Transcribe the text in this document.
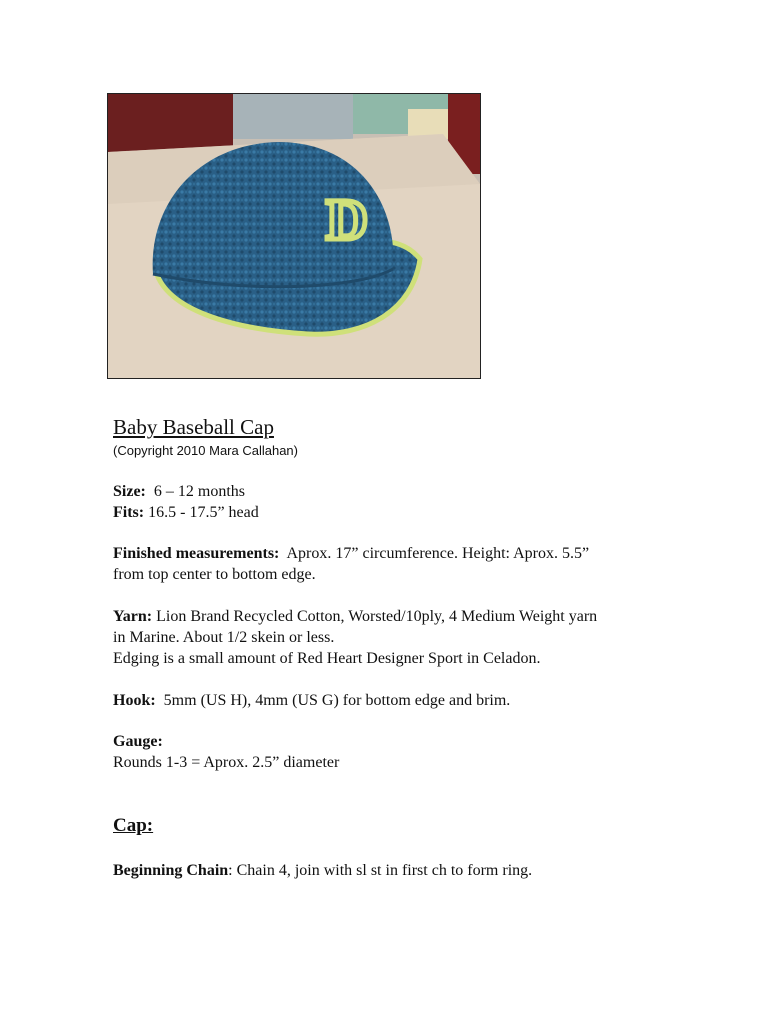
D
Baby Baseball Cap
(Copyright 2010 Mara Callahan)
Size: 6 – 12 months
Fits: 16.5 - 17.5” head
Finished measurements: Aprox. 17” circumference. Height: Aprox. 5.5”
from top center to bottom edge.
Yarn: Lion Brand Recycled Cotton, Worsted/10ply, 4 Medium Weight yarn
in Marine. About 1/2 skein or less.
Edging is a small amount of Red Heart Designer Sport in Celadon.
Hook: 5mm (US H), 4mm (US G) for bottom edge and brim.
Gauge:
Rounds 1-3 = Aprox. 2.5” diameter
Cap:
Beginning Chain: Chain 4, join with sl st in first ch to form ring.
